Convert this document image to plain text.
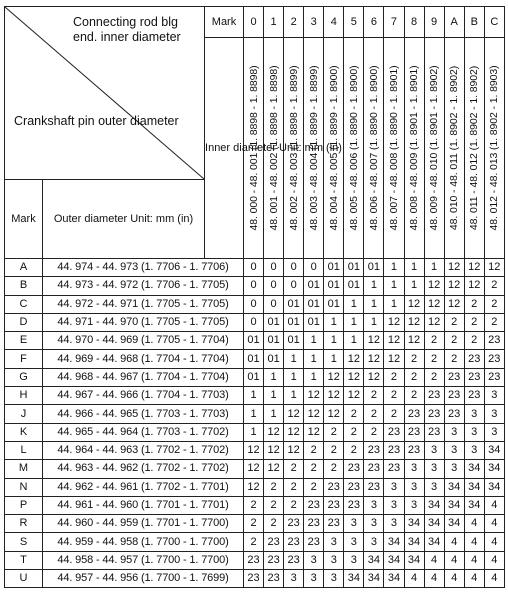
Connecting rod blg end. inner diameter
Crankshaft pin outer diameter		Mark	0	1	2	3	4	5	6	7	8	9	A	B	C
		Inner diameter Unit: mm (in)	48. 000 - 48. 001 (1. 8898 - 1. 8898)	48. 001 - 48. 002 (1. 8898 - 1. 8898)	48. 002 - 48. 003 (1. 8898 - 1. 8899)	48. 003 - 48. 004 (1. 8899 - 1. 8899)	48. 004 - 48. 005 (1. 8899 - 1. 8900)	48. 005 - 48. 006 (1. 8890 - 1. 8900)	48. 006 - 48. 007 (1. 8890 - 1. 8900)	48. 007 - 48. 008 (1. 8890 - 1. 8901)	48. 008 - 48. 009 (1. 8901 - 1. 8901)	48. 009 - 48. 010 (1. 8901 - 1. 8902)	48. 010 - 48. 011 (1. 8902 - 1. 8902)	48. 011 - 48. 012 (1. 8902 - 1. 8902)	48. 012 - 48. 013 (1. 8902 - 1. 8903)

Mark	Outer diameter Unit: mm (in)														
A	44. 974 - 44. 973 (1. 7706 - 1. 7706)		0	0	0	0	01	01	01	1	1	1	12	12	12
B	44. 973 - 44. 972 (1. 7706 - 1. 7705)		0	0	0	01	01	01	1	1	1	12	12	12	2
C	44. 972 - 44. 971 (1. 7705 - 1. 7705)		0	0	01	01	01	1	1	1	12	12	12	2	2
D	44. 971 - 44. 970 (1. 7705 - 1. 7705)		0	01	01	01	1	1	1	12	12	12	2	2	2
E	44. 970 - 44. 969 (1. 7705 - 1. 7704)		01	01	01	1	1	1	12	12	12	2	2	2	23
F	44. 969 - 44. 968 (1. 7704 - 1. 7704)		01	01	1	1	1	12	12	12	2	2	2	23	23
G	44. 968 - 44. 967 (1. 7704 - 1. 7704)		01	1	1	1	12	12	12	2	2	2	23	23	23
H	44. 967 - 44. 966 (1. 7704 - 1. 7703)		1	1	1	12	12	12	2	2	2	23	23	23	3
J	44. 966 - 44. 965 (1. 7703 - 1. 7703)		1	1	12	12	12	2	2	2	23	23	23	3	3
K	44. 965 - 44. 964 (1. 7703 - 1. 7702)		1	12	12	12	2	2	2	23	23	23	3	3	3
L	44. 964 - 44. 963 (1. 7702 - 1. 7702)		12	12	12	2	2	2	23	23	23	3	3	3	34
M	44. 963 - 44. 962 (1. 7702 - 1. 7702)		12	12	2	2	2	23	23	23	3	3	3	34	34
N	44. 962 - 44. 961 (1. 7702 - 1. 7701)		12	2	2	2	23	23	23	3	3	3	34	34	34
P	44. 961 - 44. 960 (1. 7701 - 1. 7701)		2	2	2	23	23	23	3	3	3	34	34	34	4
R	44. 960 - 44. 959 (1. 7701 - 1. 7700)		2	2	23	23	23	3	3	3	34	34	34	4	4
S	44. 959 - 44. 958 (1. 7700 - 1. 7700)		2	23	23	23	3	3	3	34	34	34	4	4	4
T	44. 958 - 44. 957 (1. 7700 - 1. 7700)		23	23	23	3	3	3	34	34	34	4	4	4	4
U	44. 957 - 44. 956 (1. 7700 - 1. 7699)		23	23	3	3	3	34	34	34	4	4	4	4	4
